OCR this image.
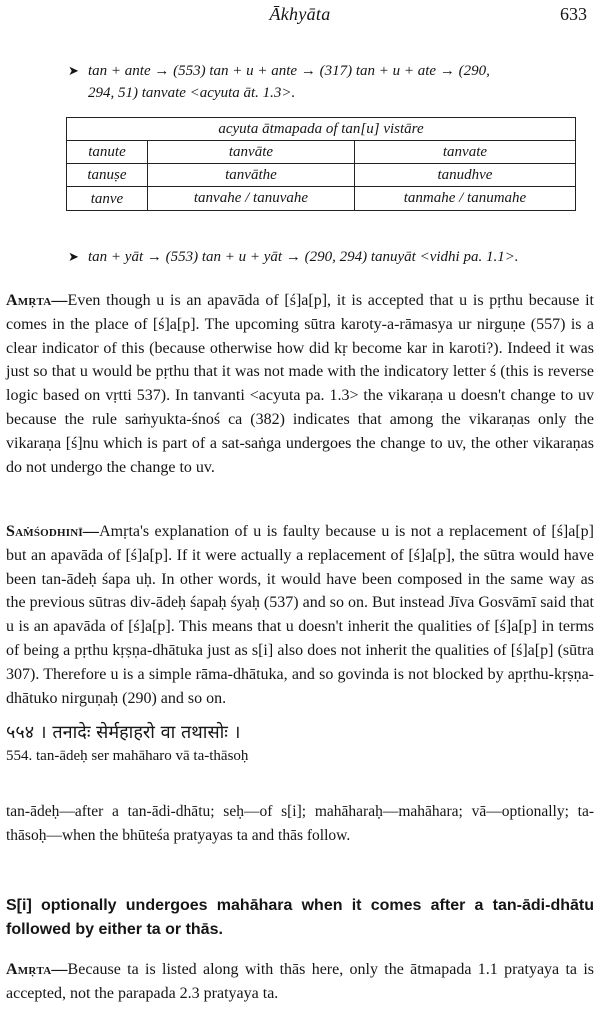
Ākhyāta	633
➤ tan + ante → (553) tan + u + ante → (317) tan + u + ate → (290,
294, 51) tanvate <acyuta āt. 1.3>.
acyuta ātmapada of tan[u] vistāre		
tanute	tanvāte	tanvate
tanuṣe	tanvāthe	tanudhve
tanve	tanvahe / tanuvahe	tanmahe / tanumahe
➤ tan + yāt → (553) tan + u + yāt → (290, 294) tanuyāt <vidhi pa. 1.1>.

Amṛta—Even though u is an apavāda of [ś]a[p], it is accepted that u is pṛthu because it comes in the place of [ś]a[p]. The upcoming sūtra karoty-a-rāmasya ur nirguṇe (557) is a clear indicator of this (because otherwise how did kṛ become kar in karoti?). Indeed it was just so that u would be pṛthu that it was not made with the indicatory letter ś (this is reverse logic based on vṛtti 537). In tanvanti <acyuta pa. 1.3> the vikaraṇa u doesn't change to uv because the rule saṁyukta-śnoś ca (382) indicates that among the vikaraṇas only the vikaraṇa [ś]nu which is part of a sat-saṅga undergoes the change to uv, the other vikaraṇas do not undergo the change to uv.

Saṁśodhinī—Amṛta's explanation of u is faulty because u is not a replacement of [ś]a[p] but an apavāda of [ś]a[p]. If it were actually a replacement of [ś]a[p], the sūtra would have been tan-ādeḥ śapa uḥ. In other words, it would have been composed in the same way as the previous sūtras div-ādeḥ śapaḥ śyaḥ (537) and so on. But instead Jīva Gosvāmī said that u is an apavāda of [ś]a[p]. This means that u doesn't inherit the qualities of [ś]a[p] in terms of being a pṛthu kṛṣṇa-dhātuka just as s[i] also does not inherit the qualities of [ś]a[p] (sūtra 307). Therefore u is a simple rāma-dhātuka, and so govinda is not blocked by apṛthu-kṛṣṇa-dhātuko nirguṇaḥ (290) and so on.

५५४ । तनादेः सेर्महाहरो वा तथासोः ।
554. tan-ādeḥ ser mahāharo vā ta-thāsoḥ

tan-ādeḥ—after a tan-ādi-dhātu; seḥ—of s[i]; mahāharaḥ—mahāhara; vā—optionally; ta-thāsoḥ—when the bhūteśa pratyayas ta and thās follow.

S[i] optionally undergoes mahāhara when it comes after a tan-ādi-dhātu followed by either ta or thās.

Amṛta—Because ta is listed along with thās here, only the ātmapada 1.1 pratyaya ta is accepted, not the parapada 2.3 pratyaya ta.
